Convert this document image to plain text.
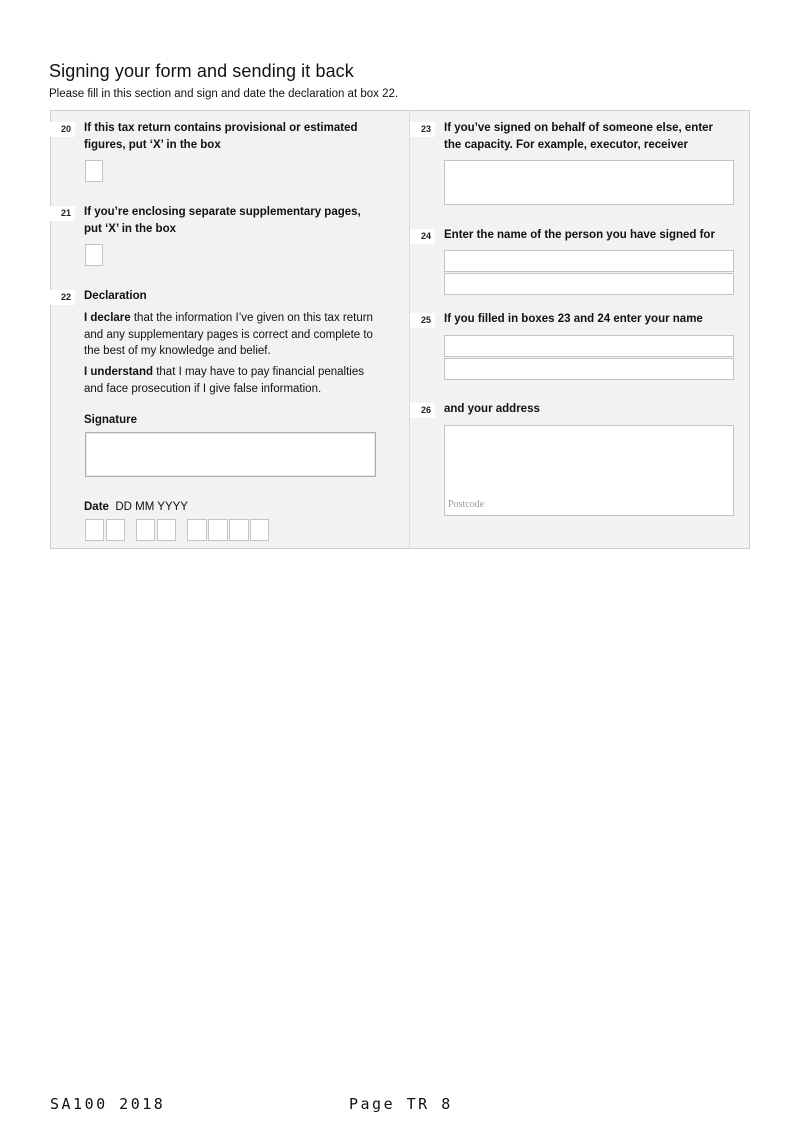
Signing your form and sending it back
Please fill in this section and sign and date the declaration at box 22.
20	If this tax return contains provisional or estimated
figures, put ‘X’ in the box
21	If you’re enclosing separate supplementary pages,
put ‘X’ in the box
22	Declaration
I declare that the information I’ve given on this tax return
and any supplementary pages is correct and complete to
the best of my knowledge and belief.
I understand that I may have to pay financial penalties
and face prosecution if I give false information.
Signature
Date DD MM YYYY
23	If you’ve signed on behalf of someone else, enter
the capacity. For example, executor, receiver
24	Enter the name of the person you have signed for
25	If you filled in boxes 23 and 24 enter your name
26	and your address
Postcode
SA100 2018	Page TR 8
